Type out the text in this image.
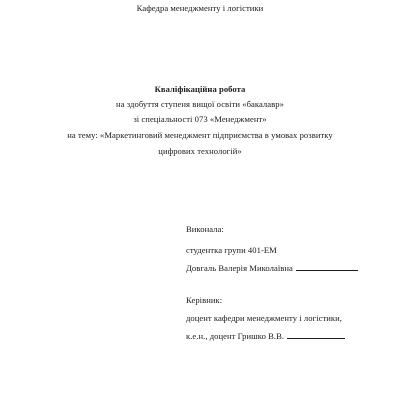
Кафедра менеджменту і логістики
Кваліфікаційна робота
на здобуття ступеня вищої освіти «бакалавр»
зі спеціальності 073 «Менеджмент»
на тему: «Маркетинговий менеджмент підприємства в умовах розвитку
цифрових технологій»
Виконала:
студентка групи 401-ЕМ
Довгаль Валерія Миколаївна
Керівник:
доцент кафедри менеджменту і логістики,
к.е.н., доцент Гришко В.В.
